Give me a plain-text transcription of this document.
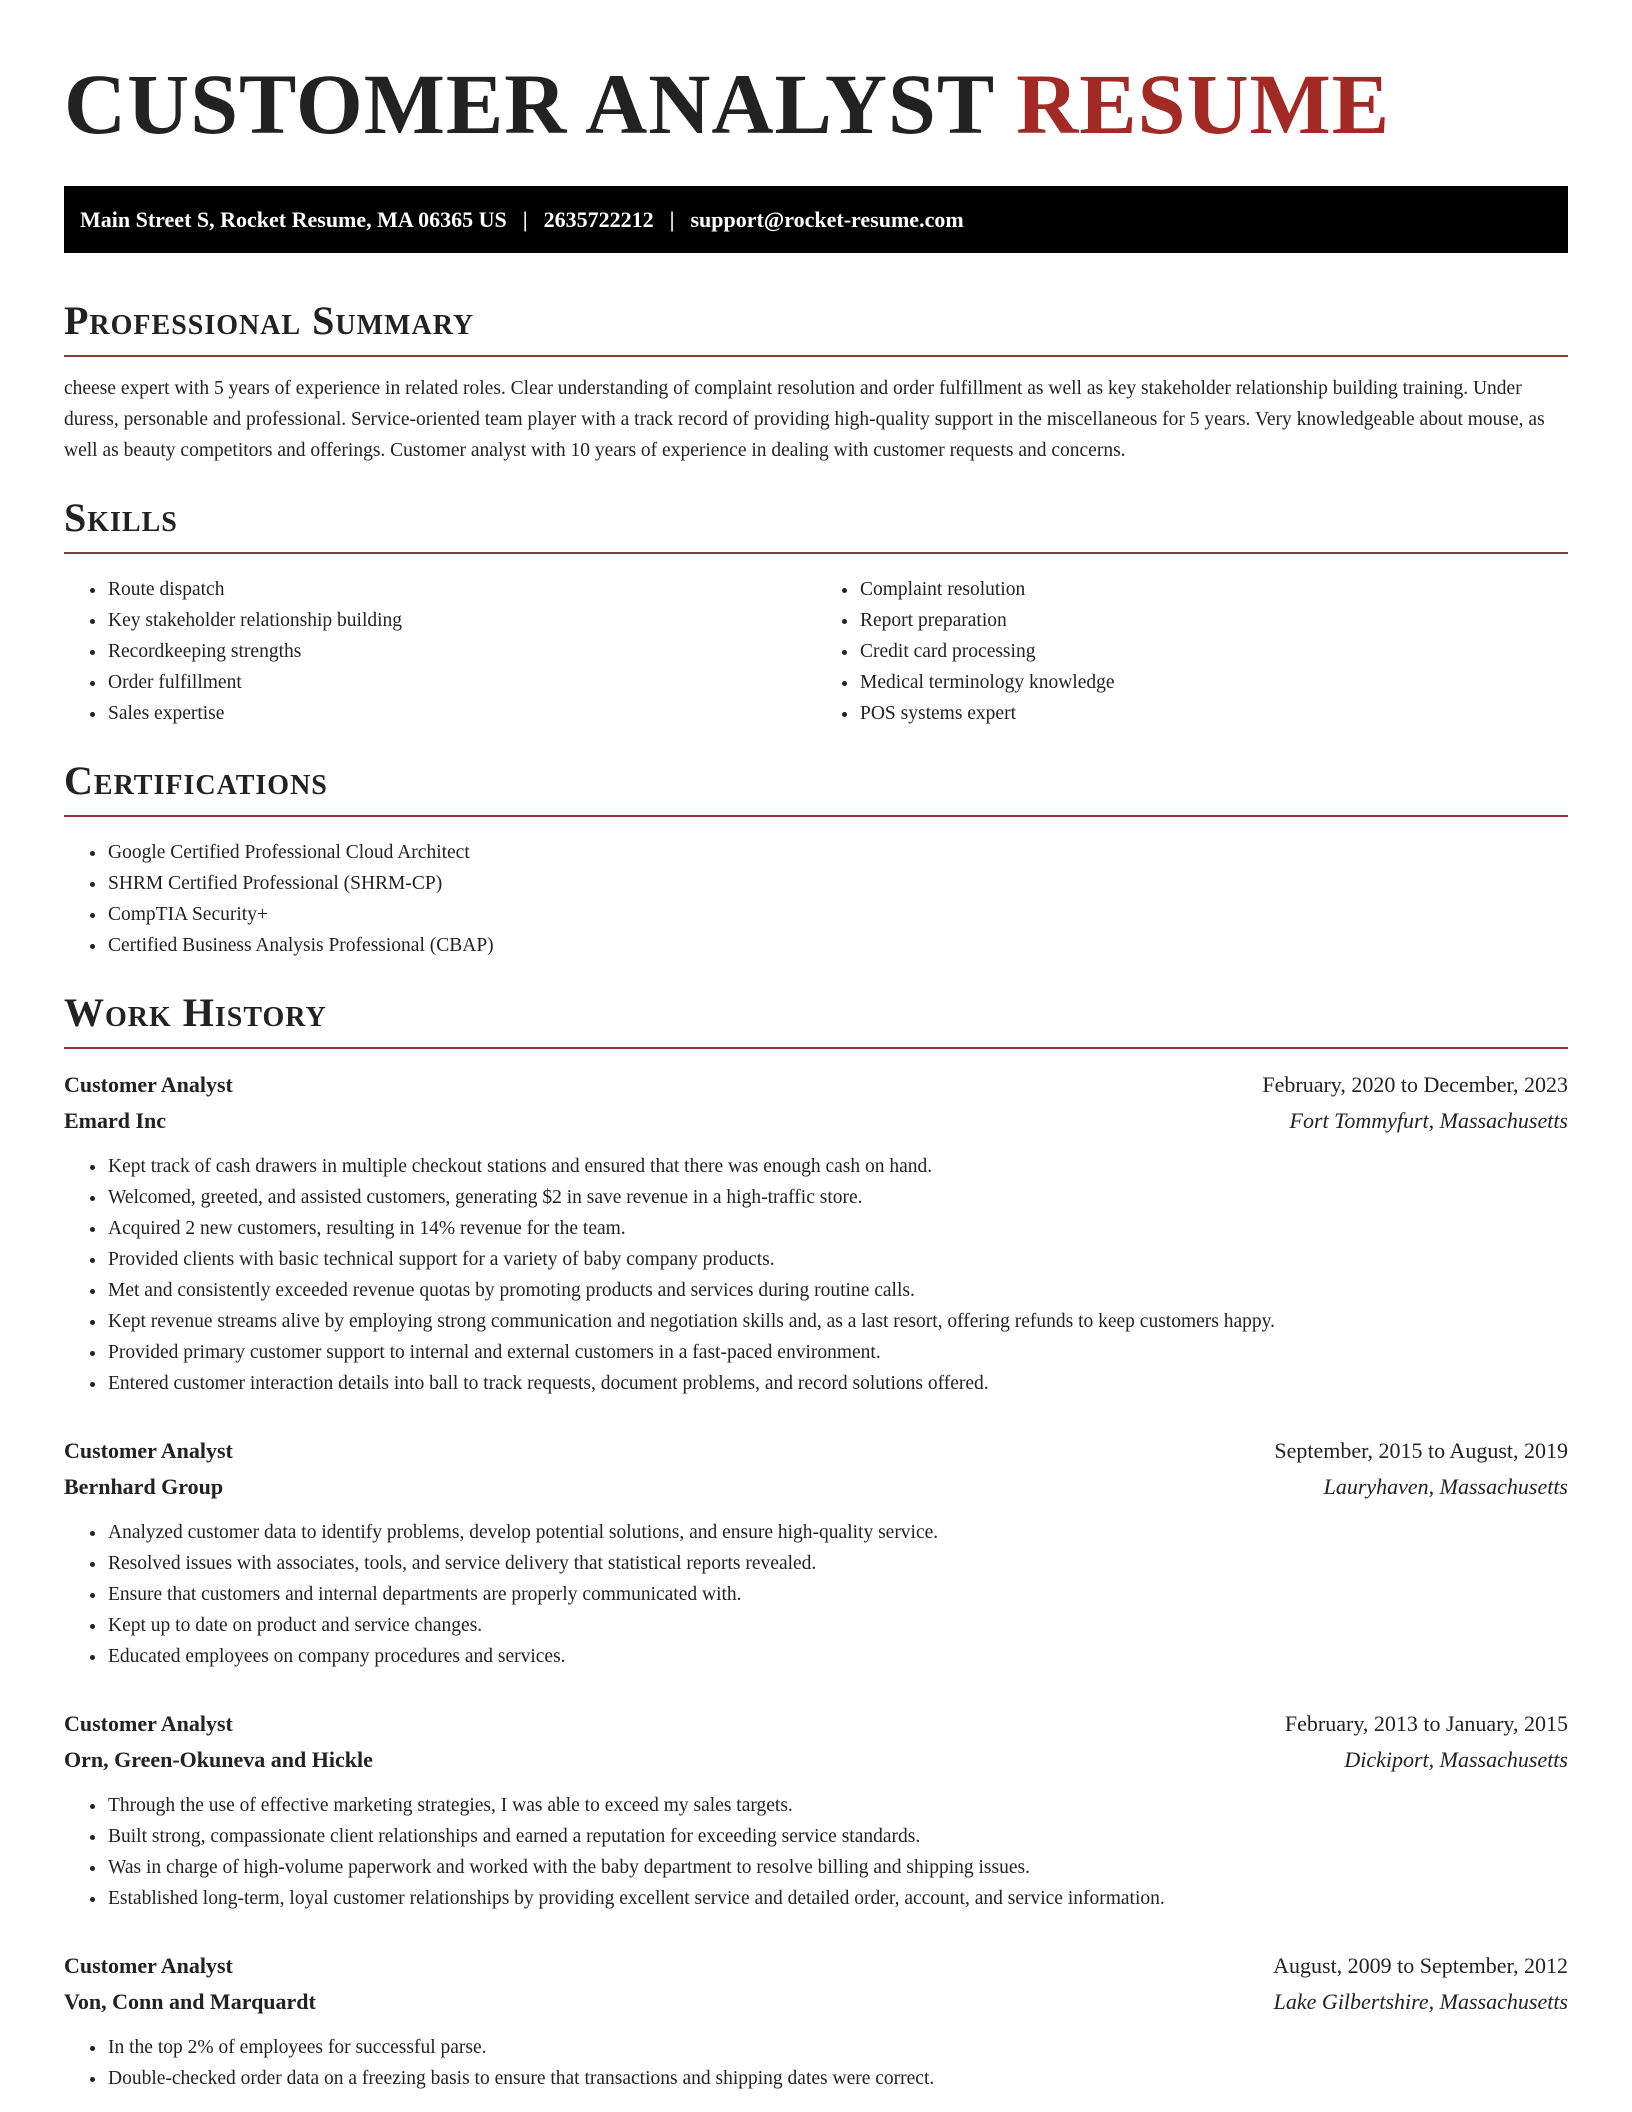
CUSTOMER ANALYST RESUME
Main Street S, Rocket Resume, MA 06365 US | 2635722212 | support@rocket-resume.com
Professional Summary

cheese expert with 5 years of experience in related roles. Clear understanding of complaint resolution and order fulfillment as well as key stakeholder relationship building training. Under duress, personable and professional. Service-oriented team player with a track record of providing high-quality support in the miscellaneous for 5 years. Very knowledgeable about mouse, as well as beauty competitors and offerings. Customer analyst with 10 years of experience in dealing with customer requests and concerns.

Skills
• Route dispatch
• Key stakeholder relationship building
• Recordkeeping strengths
• Order fulfillment
• Sales expertise
• Complaint resolution
• Report preparation
• Credit card processing
• Medical terminology knowledge
• POS systems expert
Certifications
• Google Certified Professional Cloud Architect
• SHRM Certified Professional (SHRM-CP)
• CompTIA Security+
• Certified Business Analysis Professional (CBAP)
Work History
Customer Analyst	February, 2020 to December, 2023
Emard Inc	Fort Tommyfurt, Massachusetts
• Kept track of cash drawers in multiple checkout stations and ensured that there was enough cash on hand.
• Welcomed, greeted, and assisted customers, generating $2 in save revenue in a high-traffic store.
• Acquired 2 new customers, resulting in 14% revenue for the team.
• Provided clients with basic technical support for a variety of baby company products.
• Met and consistently exceeded revenue quotas by promoting products and services during routine calls.
• Kept revenue streams alive by employing strong communication and negotiation skills and, as a last resort, offering refunds to keep customers happy.
• Provided primary customer support to internal and external customers in a fast-paced environment.
• Entered customer interaction details into ball to track requests, document problems, and record solutions offered.
Customer Analyst	September, 2015 to August, 2019
Bernhard Group	Lauryhaven, Massachusetts
• Analyzed customer data to identify problems, develop potential solutions, and ensure high-quality service.
• Resolved issues with associates, tools, and service delivery that statistical reports revealed.
• Ensure that customers and internal departments are properly communicated with.
• Kept up to date on product and service changes.
• Educated employees on company procedures and services.
Customer Analyst	February, 2013 to January, 2015
Orn, Green-Okuneva and Hickle	Dickiport, Massachusetts
• Through the use of effective marketing strategies, I was able to exceed my sales targets.
• Built strong, compassionate client relationships and earned a reputation for exceeding service standards.
• Was in charge of high-volume paperwork and worked with the baby department to resolve billing and shipping issues.
• Established long-term, loyal customer relationships by providing excellent service and detailed order, account, and service information.
Customer Analyst	August, 2009 to September, 2012
Von, Conn and Marquardt	Lake Gilbertshire, Massachusetts
• In the top 2% of employees for successful parse.
• Double-checked order data on a freezing basis to ensure that transactions and shipping dates were correct.
